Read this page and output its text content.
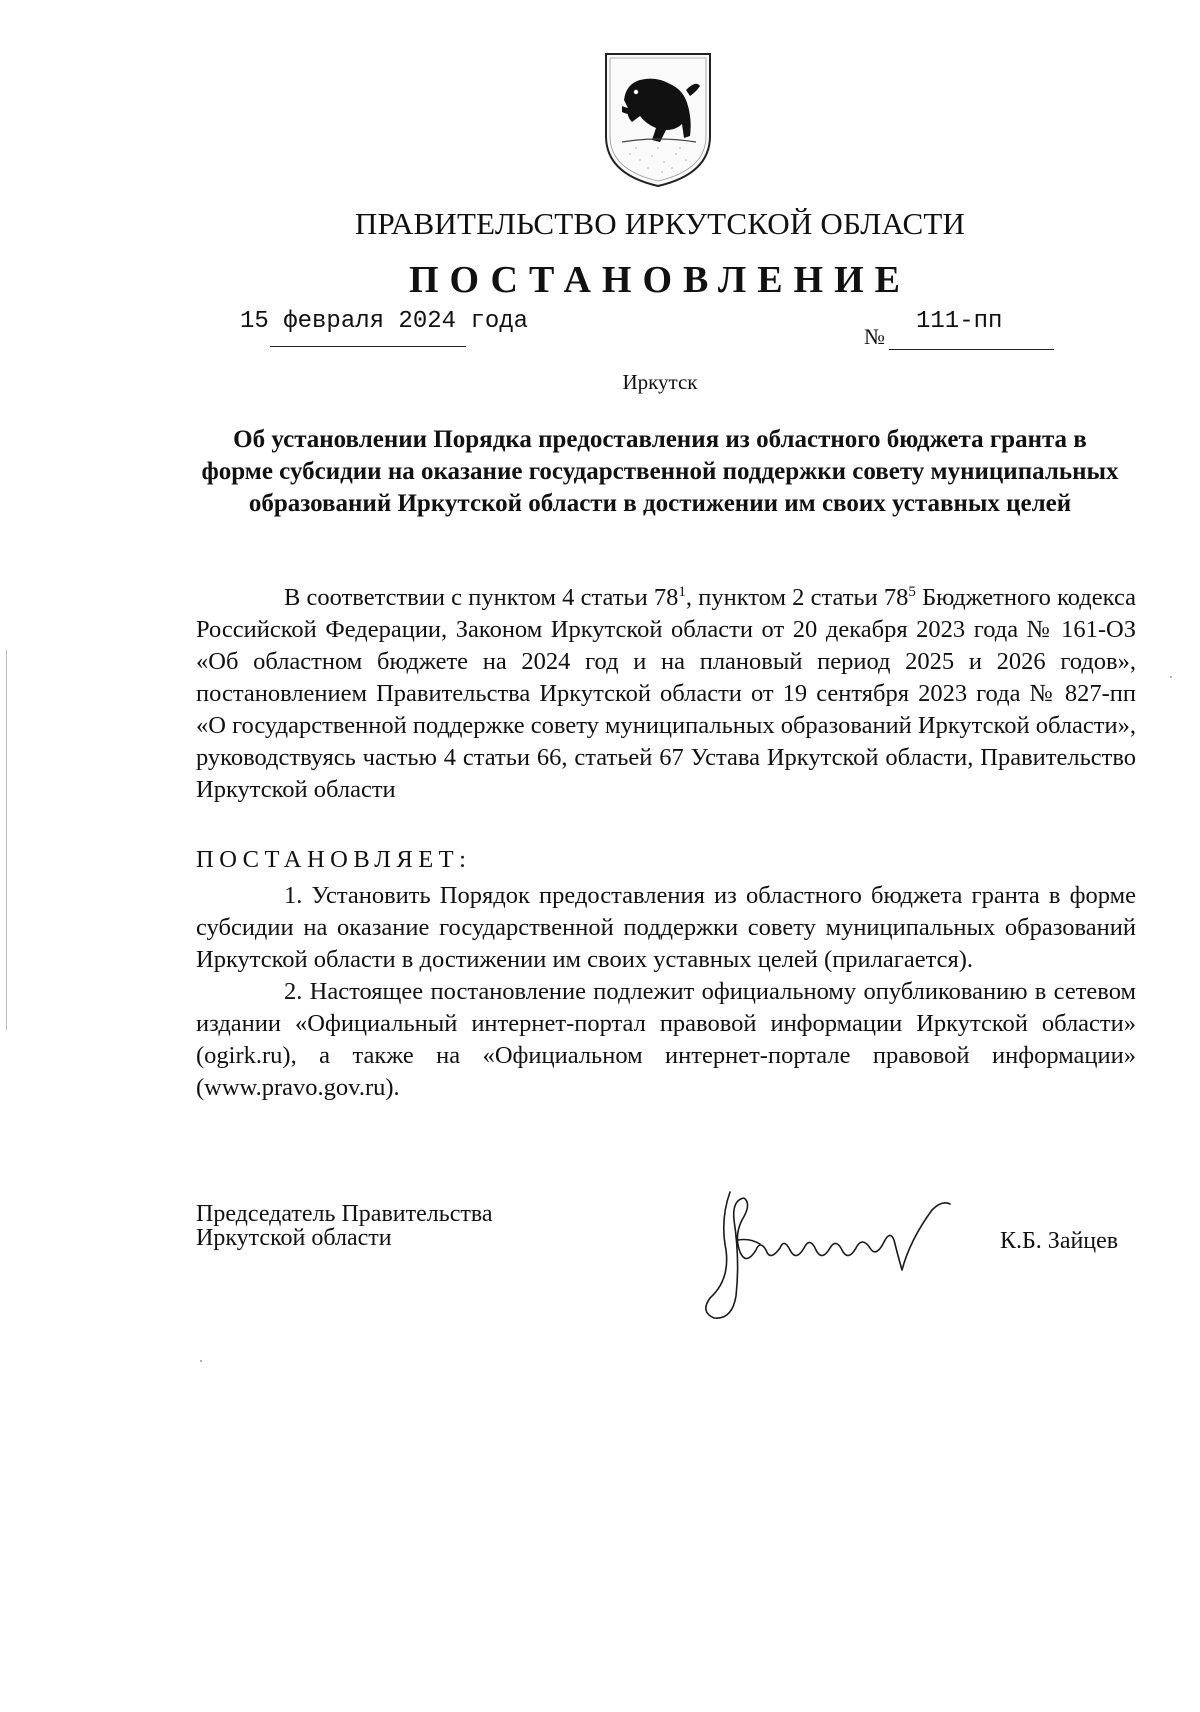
ПРАВИТЕЛЬСТВО ИРКУТСКОЙ ОБЛАСТИ
ПОСТАНОВЛЕНИЕ
15 февраля 2024 года
№
111-пп
Иркутск
Об установлении Порядка предоставления из областного бюджета гранта в форме субсидии на оказание государственной поддержки совету муниципальных образований Иркутской области в достижении им своих уставных целей

В соответствии с пунктом 4 статьи $78^1$, пунктом 2 статьи $78^5$ Бюджетного кодекса Российской Федерации, Законом Иркутской области от 20 декабря 2023 года № 161-ОЗ «Об областном бюджете на 2024 год и на плановый период 2025 и 2026 годов», постановлением Правительства Иркутской области от 19 сентября 2023 года № 827-пп «О государственной поддержке совету муниципальных образований Иркутской области», руководствуясь частью 4 статьи 66, статьей 67 Устава Иркутской области, Правительство Иркутской области

ПОСТАНОВЛЯЕТ:

1. Установить Порядок предоставления из областного бюджета гранта в форме субсидии на оказание государственной поддержки совету муниципальных образований Иркутской области в достижении им своих уставных целей (прилагается).

2. Настоящее постановление подлежит официальному опубликованию в сетевом издании «Официальный интернет-портал правовой информации Иркутской области» (ogirk.ru), а также на «Официальном интернет-портале правовой информации» (www.pravo.gov.ru).

Председатель Правительства
Иркутской области	К.Б. Зайцев
